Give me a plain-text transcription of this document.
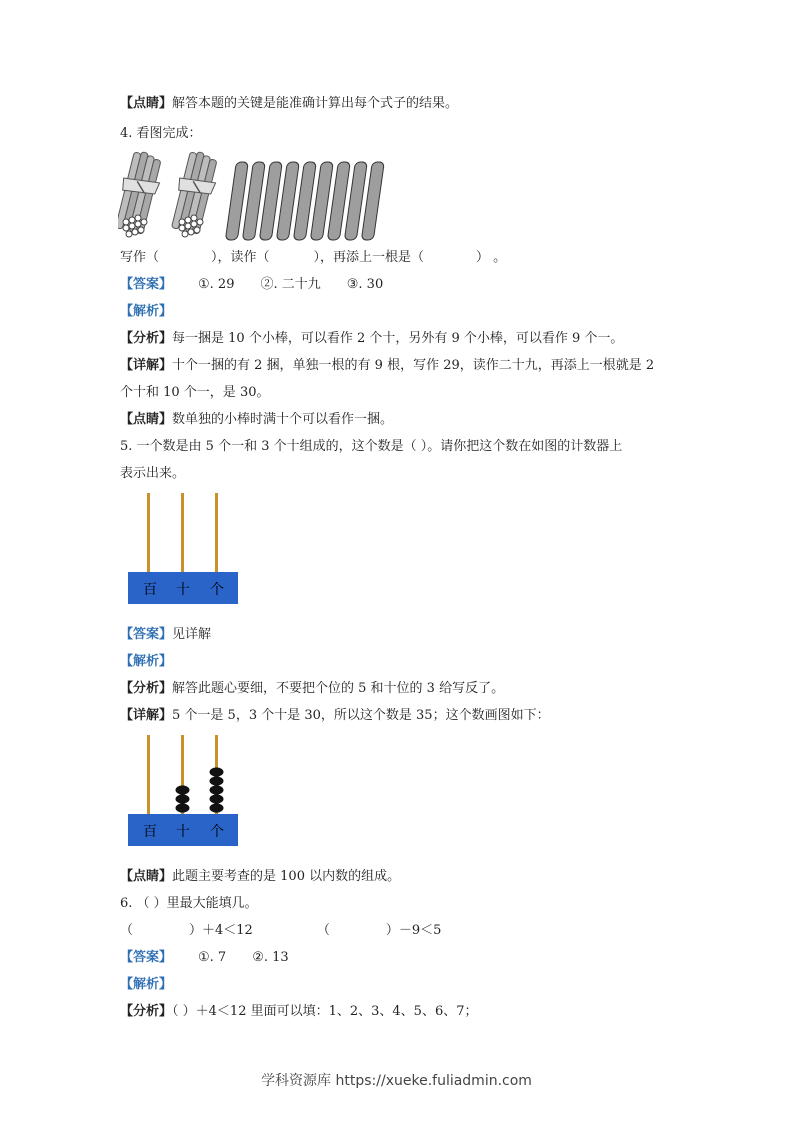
【点睛】解答本题的关键是能准确计算出每个式子的结果。
4. 看图完成：
写作（	），读作（	），再添上一根是（	） 。
【答案】 ①. 29 ②. 二十九 ③. 30
【解析】
【分析】每一捆是 10 个小棒，可以看作 2 个十，另外有 9 个小棒，可以看作 9 个一。
【详解】十个一捆的有 2 捆，单独一根的有 9 根，写作 29，读作二十九，再添上一根就是 2
个十和 10 个一，是 30。
【点睛】数单独的小棒时满十个可以看作一捆。
5. 一个数是由 5 个一和 3 个十组成的，这个数是（ ）。请你把这个数在如图的计数器上
表示出来。
百 十 个
【答案】见详解
【解析】
【分析】解答此题心要细，不要把个位的 5 和十位的 3 给写反了。
【详解】5 个一是 5，3 个十是 30，所以这个数是 35；这个数画图如下：
百 十 个
【点睛】此题主要考查的是 100 以内数的组成。
6. （ ）里最大能填几。
（	）＋4＜12	（	）－9＜5
【答案】 ①. 7 ②. 13
【解析】
【分析】（ ）＋4＜12 里面可以填：1、2、3、4、5、6、7；
学科资源库 https://xueke.fuliadmin.com
